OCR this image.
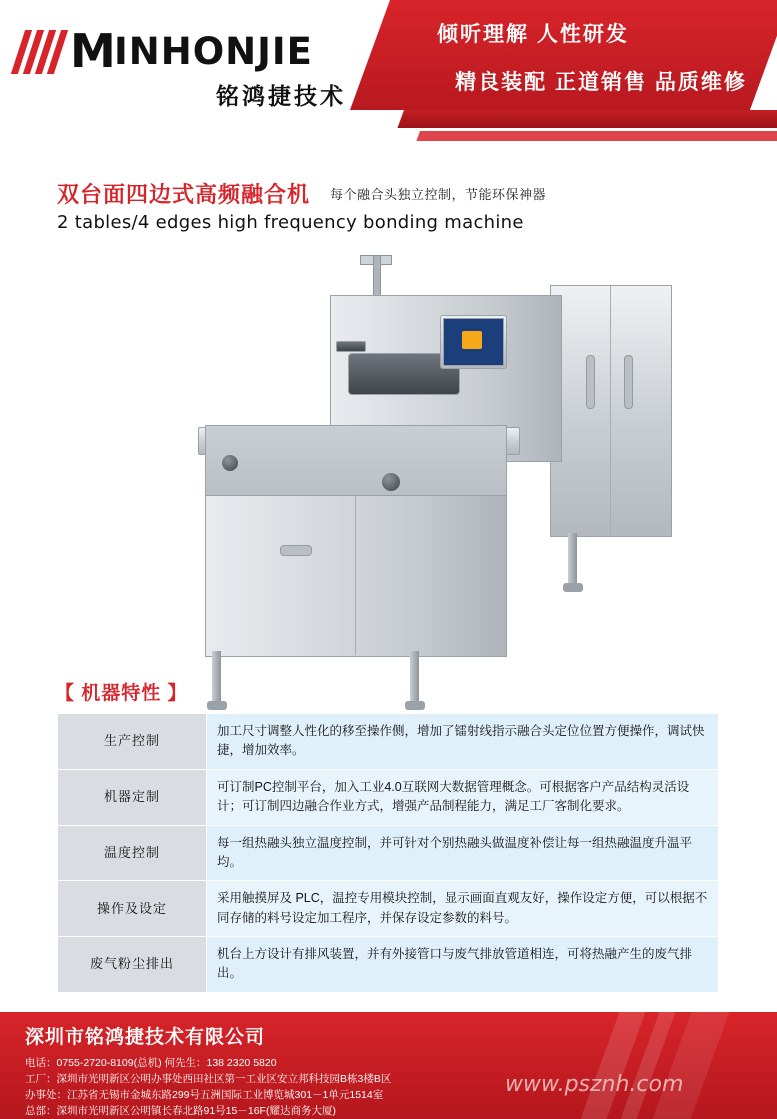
倾听理解 人性研发
精良装配 正道销售 品质维修
M INHONJIE
铭鸿捷技术
双台面四边式高频融合机 每个融合头独立控制，节能环保神器
2 tables/4 edges high frequency bonding machine
【 机器特性 】
生产控制	加工尺寸调整人性化的移至操作侧，增加了镭射线指示融合头定位位置方便操作，调试快捷，增加效率。
机器定制	可订制PC控制平台，加入工业4.0互联网大数据管理概念。可根据客户产品结构灵活设计；可订制四边融合作业方式，增强产品制程能力，满足工厂客制化要求。
温度控制	每一组热融头独立温度控制，并可针对个别热融头做温度补偿让每一组热融温度升温平均。
操作及设定	采用触摸屏及 PLC，温控专用模块控制，显示画面直观友好，操作设定方便，可以根据不同存储的料号设定加工程序，并保存设定参数的料号。
废气粉尘排出	机台上方设计有排风装置，并有外接管口与废气排放管道相连，可将热融产生的废气排出。
深圳市铭鸿捷技术有限公司
电话：0755-2720-8109(总机) 何先生：138 2320 5820
工厂：深圳市光明新区公明办事处西田社区第一工业区安立邦科技园B栋3楼B区
办事处：江苏省无锡市金城东路299号五洲国际工业博览城301－1单元1514室
总部：深圳市光明新区公明镇长春北路91号15－16F(耀达商务大厦)
www.psznh.com
